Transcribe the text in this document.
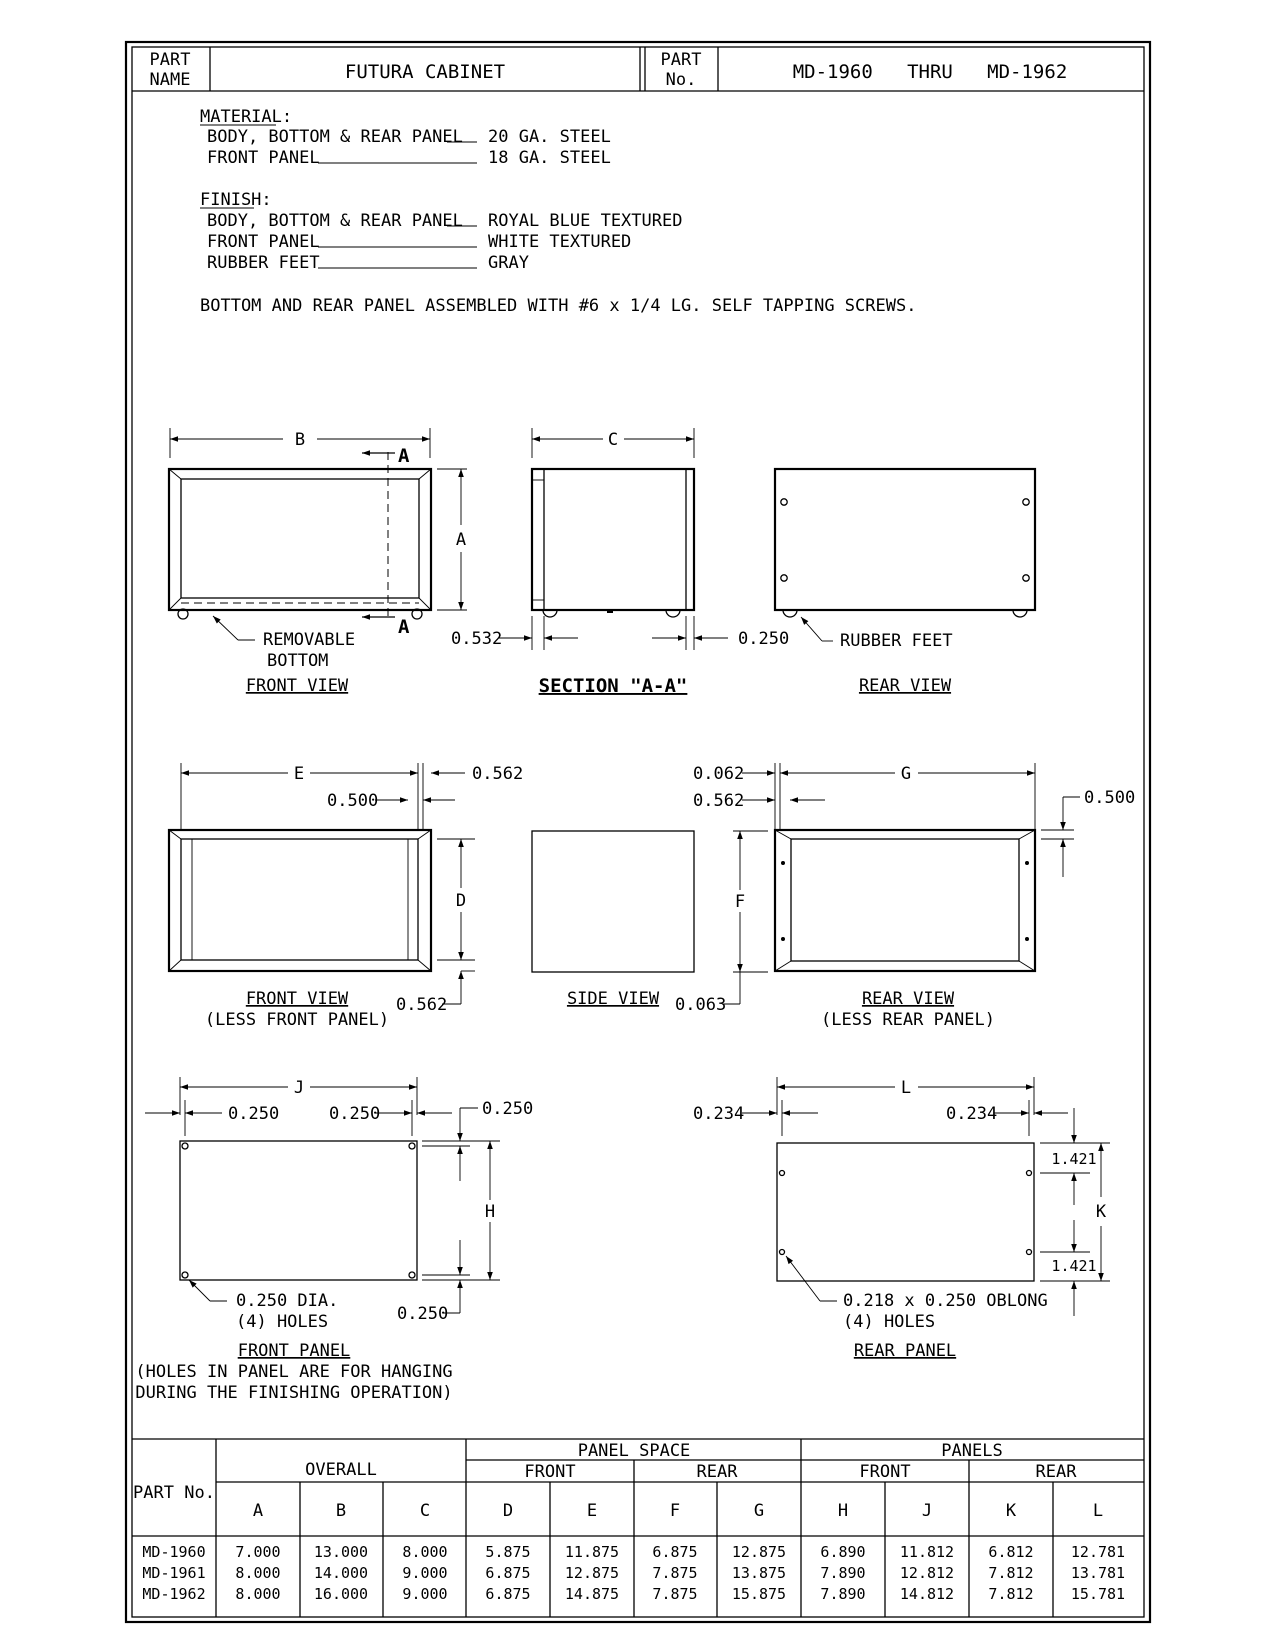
PART
NAME	FUTURA CABINET
PART
No.	MD-1960   THRU   MD-1962
MATERIAL:
BODY, BOTTOM & REAR PANEL 20 GA. STEEL
FRONT PANEL	18 GA. STEEL
FINISH:
BODY, BOTTOM & REAR PANEL ROYAL BLUE TEXTURED
FRONT PANEL	WHITE TEXTURED
RUBBER FEET	GRAY
BOTTOM AND REAR PANEL ASSEMBLED WITH #6 x 1/4 LG. SELF TAPPING SCREWS.
B
A
A
A
REMOVABLE
BOTTOM
FRONT VIEW
C
0.532	0.250
SECTION "A-A"
RUBBER FEET
REAR VIEW
E	0.562
0.500
D
0.562
FRONT VIEW
(LESS FRONT PANEL)
SIDE VIEW
0.062	G
0.562	0.500
F
0.063	REAR VIEW
(LESS REAR PANEL)
J
0.250	0.250	0.250
0.250
H
0.250 DIA.
(4) HOLES
FRONT PANEL
(HOLES IN PANEL ARE FOR HANGING
DURING THE FINISHING OPERATION)
L
0.234	0.234
1.421
1.421
K
0.218 x 0.250 OBLONG
(4) HOLES
REAR PANEL
PART No.
OVERALL
PANEL SPACE	PANELS
FRONT	REAR	FRONT	REAR
A	B	C	D	E	F	G	H	J	K	L
MD-1960 7.000 13.000 8.000	5.875 11.875 6.875 12.875 6.890 11.812 6.812 12.781
MD-1961 8.000 14.000 9.000	6.875 12.875 7.875 13.875 7.890 12.812 7.812 13.781
MD-1962 8.000 16.000 9.000	6.875 14.875 7.875 15.875 7.890 14.812 7.812 15.781
